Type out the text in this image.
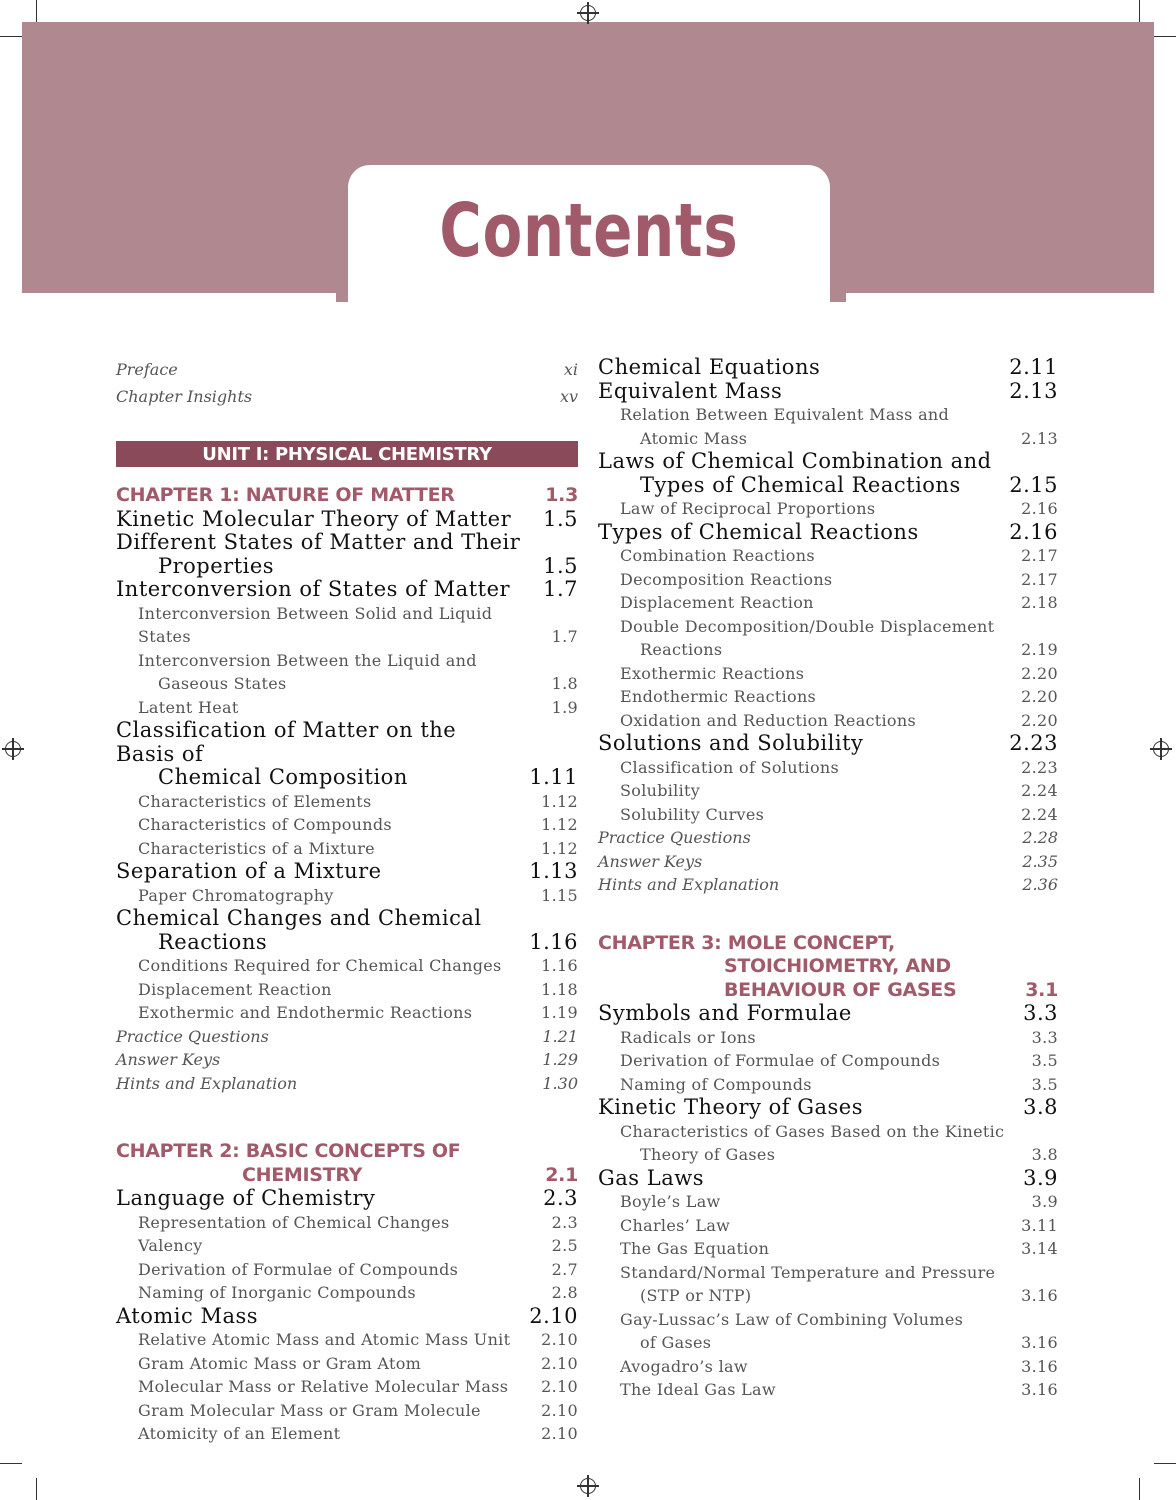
Contents
Preface	xi
Chapter Insights	xv
UNIT I: PHYSICAL CHEMISTRY
CHAPTER 1: NATURE OF MATTER	1.3
Kinetic Molecular Theory of Matter	1.5
Different States of Matter and Their
Properties	1.5
Interconversion of States of Matter	1.7
Interconversion Between Solid and Liquid States	1.7
Interconversion Between the Liquid and
Gaseous States	1.8
Latent Heat	1.9
Classification of Matter on the Basis of
Chemical Composition	1.11
Characteristics of Elements	1.12
Characteristics of Compounds	1.12
Characteristics of a Mixture	1.12
Separation of a Mixture	1.13
Paper Chromatography	1.15
Chemical Changes and Chemical
Reactions	1.16
Conditions Required for Chemical Changes	1.16
Displacement Reaction	1.18
Exothermic and Endothermic Reactions	1.19
Practice Questions	1.21
Answer Keys	1.29
Hints and Explanation	1.30
CHAPTER 2: BASIC CONCEPTS OF
CHEMISTRY	2.1
Language of Chemistry	2.3
Representation of Chemical Changes	2.3
Valency	2.5
Derivation of Formulae of Compounds	2.7
Naming of Inorganic Compounds	2.8
Atomic Mass	2.10
Relative Atomic Mass and Atomic Mass Unit	2.10
Gram Atomic Mass or Gram Atom	2.10
Molecular Mass or Relative Molecular Mass	2.10
Gram Molecular Mass or Gram Molecule	2.10
Atomicity of an Element	2.10
Chemical Equations	2.11
Equivalent Mass	2.13
Relation Between Equivalent Mass and
Atomic Mass	2.13
Laws of Chemical Combination and
Types of Chemical Reactions	2.15
Law of Reciprocal Proportions	2.16
Types of Chemical Reactions	2.16
Combination Reactions	2.17
Decomposition Reactions	2.17
Displacement Reaction	2.18
Double Decomposition/Double Displacement
Reactions	2.19
Exothermic Reactions	2.20
Endothermic Reactions	2.20
Oxidation and Reduction Reactions	2.20
Solutions and Solubility	2.23
Classification of Solutions	2.23
Solubility	2.24
Solubility Curves	2.24
Practice Questions	2.28
Answer Keys	2.35
Hints and Explanation	2.36
CHAPTER 3: MOLE CONCEPT,
STOICHIOMETRY, AND
BEHAVIOUR OF GASES	3.1
Symbols and Formulae	3.3
Radicals or Ions	3.3
Derivation of Formulae of Compounds	3.5
Naming of Compounds	3.5
Kinetic Theory of Gases	3.8
Characteristics of Gases Based on the Kinetic
Theory of Gases	3.8
Gas Laws	3.9
Boyle’s Law	3.9
Charles’ Law	3.11
The Gas Equation	3.14
Standard/Normal Temperature and Pressure
(STP or NTP)	3.16
Gay-Lussac’s Law of Combining Volumes
of Gases	3.16
Avogadro’s law	3.16
The Ideal Gas Law	3.16
